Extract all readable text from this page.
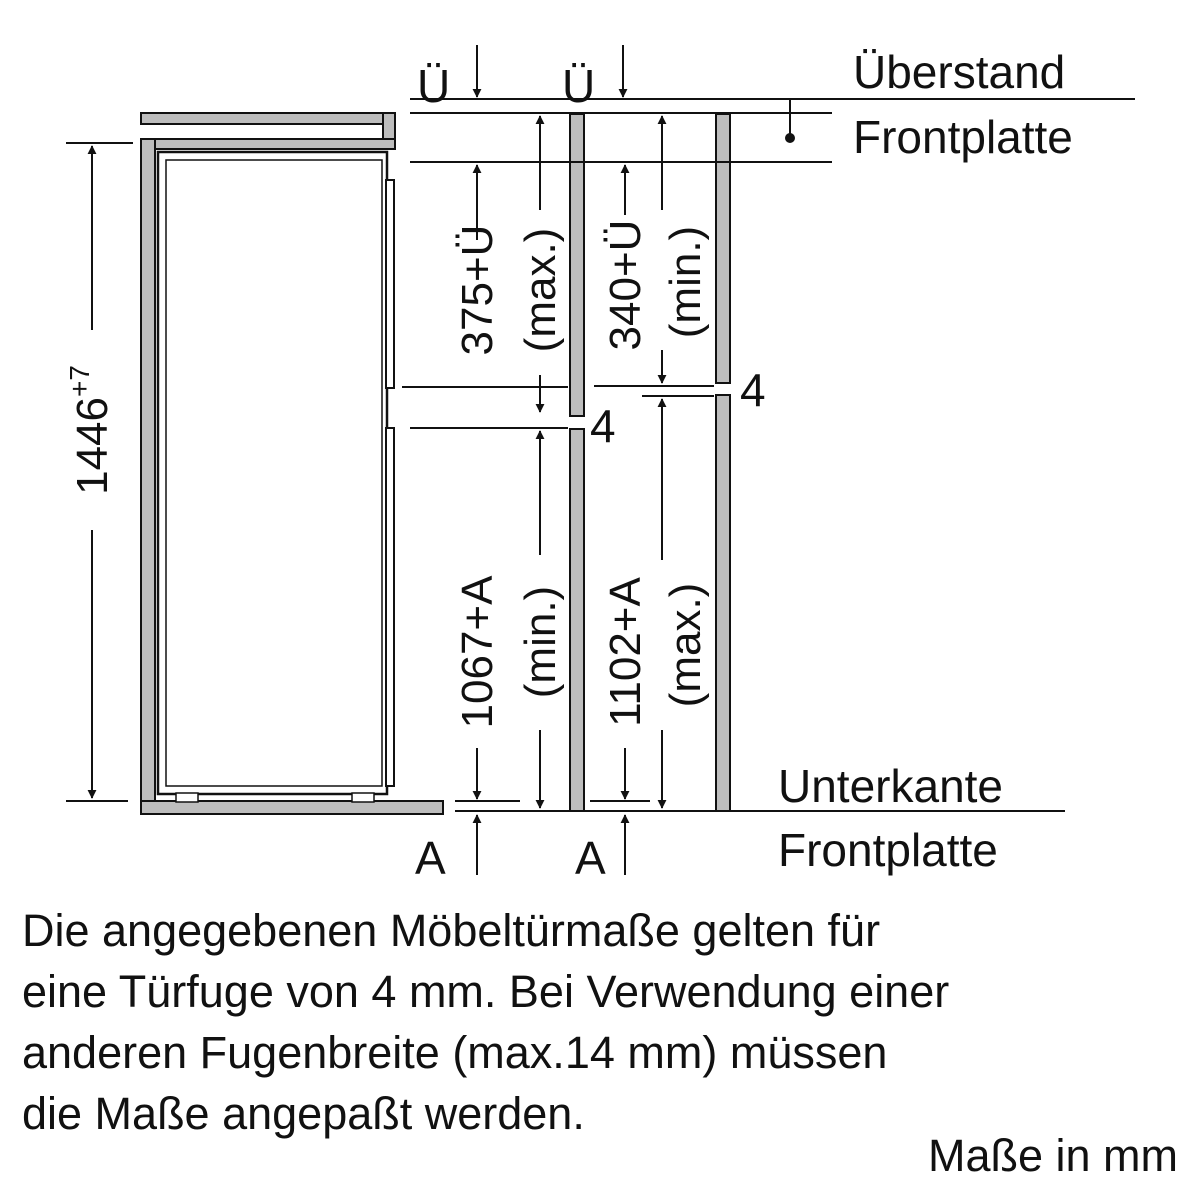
Ü Ü	Überstand
Frontplatte
4
4
Unterkante
Frontplatte
A	A
$1446^{+7}$
375+Ü (max.) 340+Ü (min.)
1067+A (min.) 1102+A (max.)
Die angegebenen Möbeltürmaße gelten für
eine Türfuge von 4 mm. Bei Verwendung einer
anderen Fugenbreite (max.14 mm) müssen
die Maße angepaßt werden.
Maße in mm
